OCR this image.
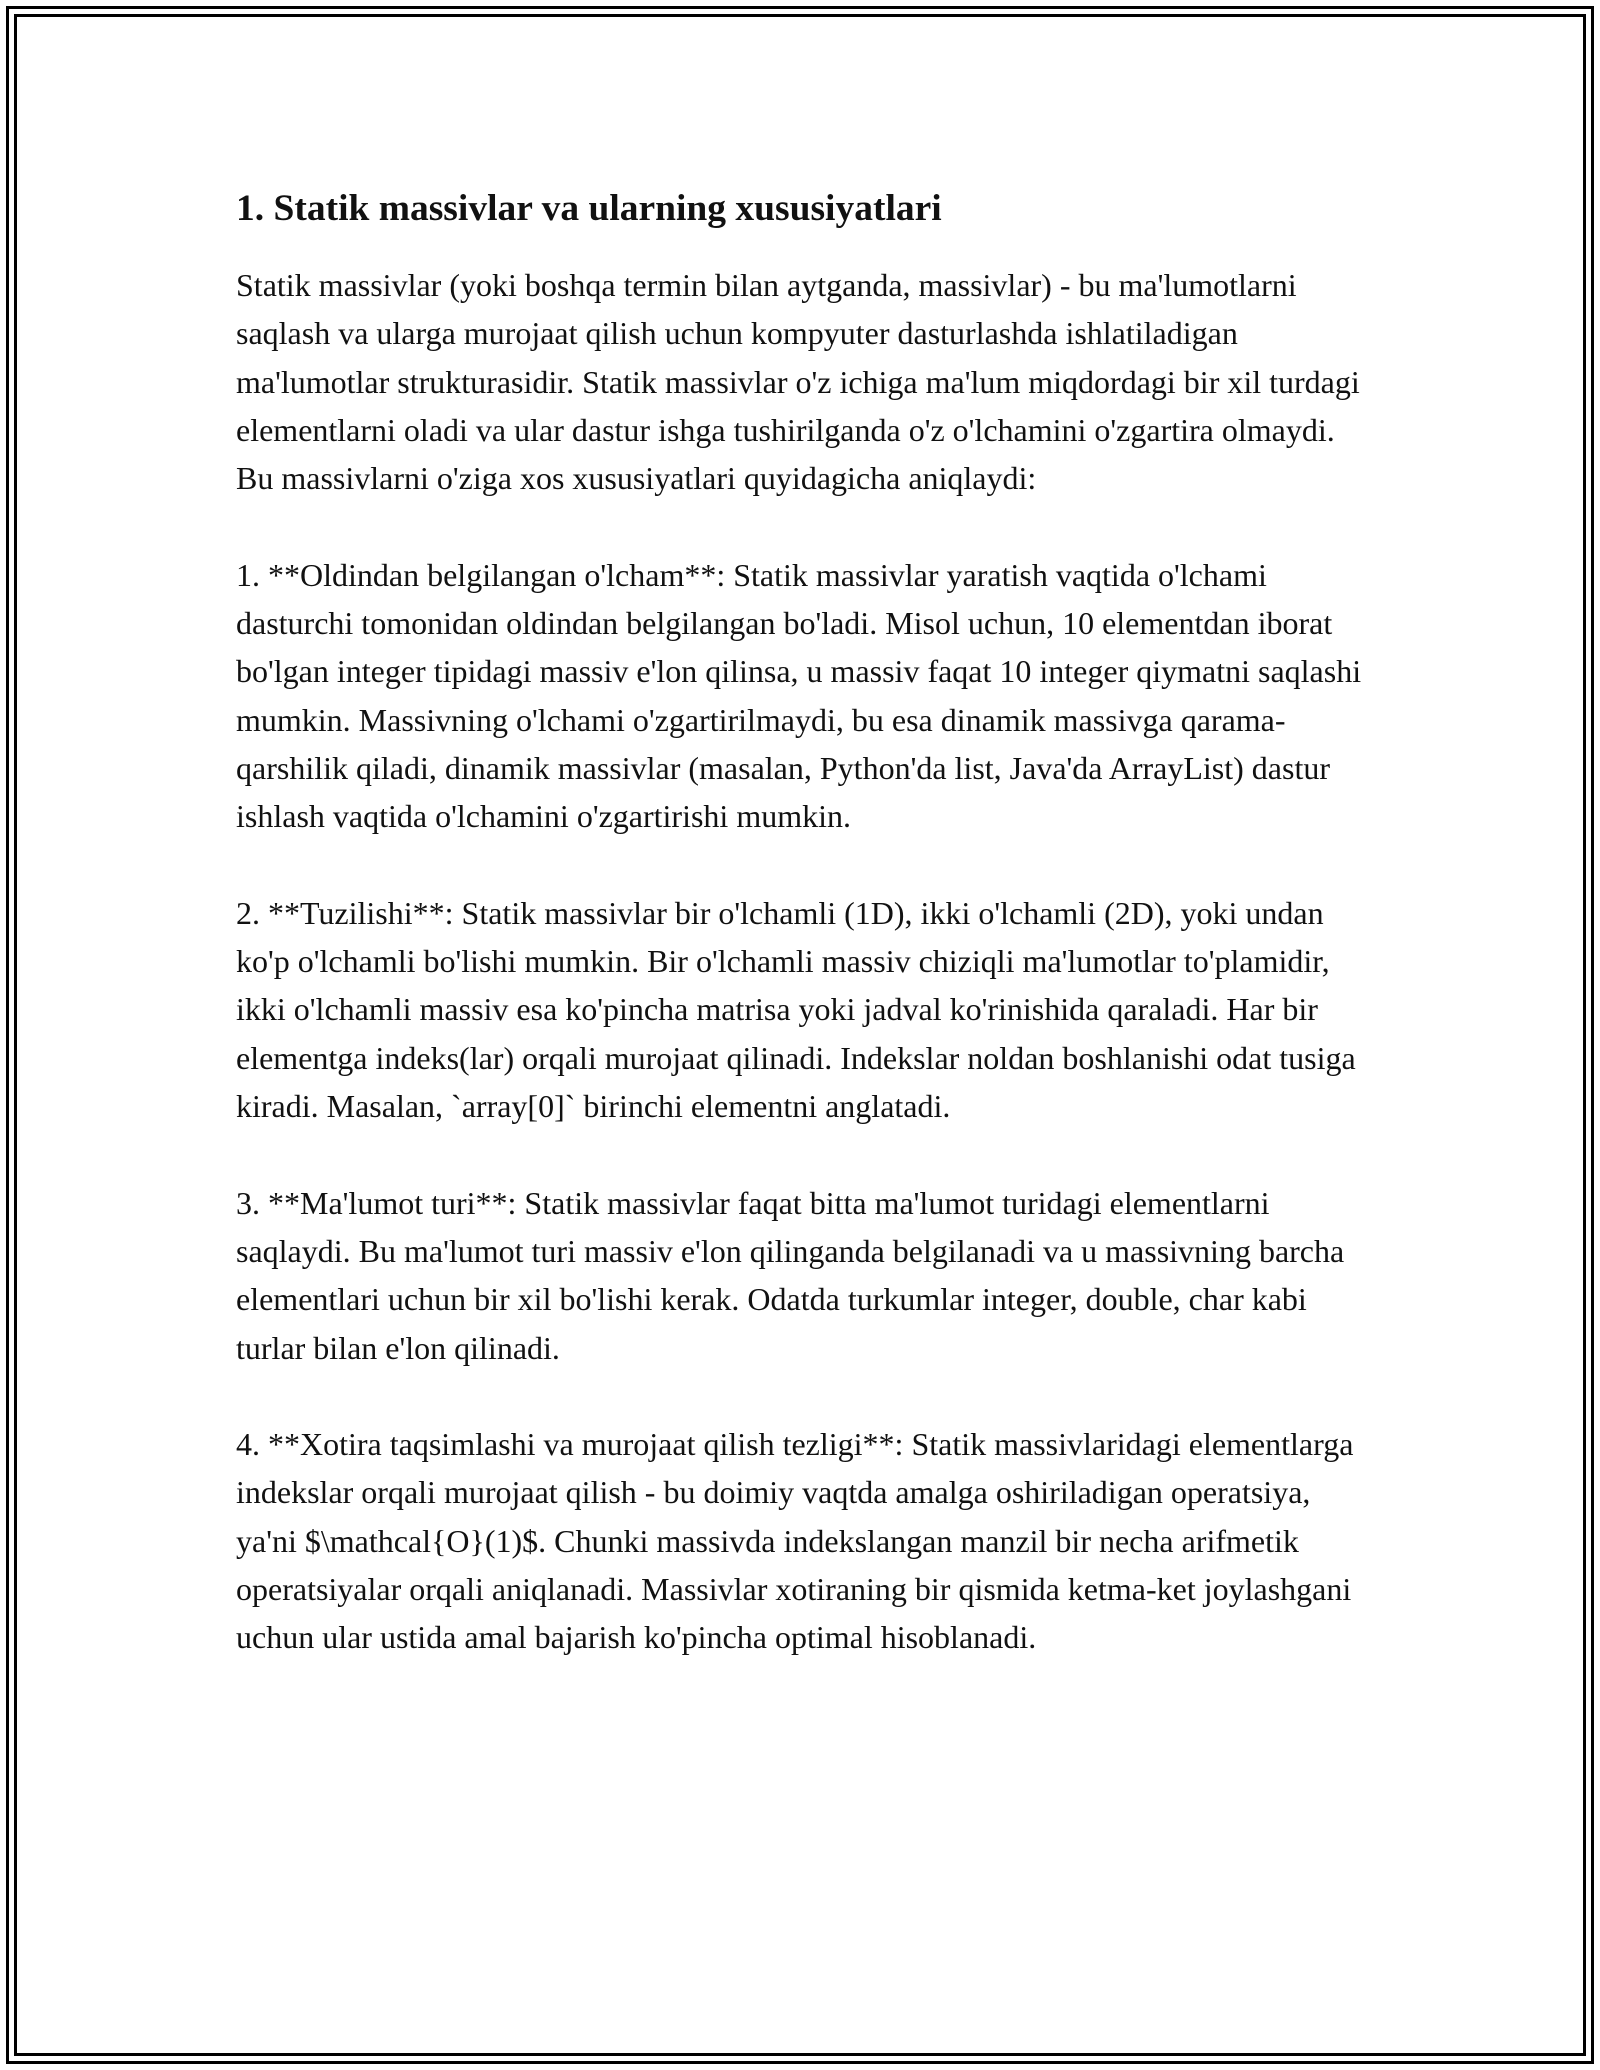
1. Statik massivlar va ularning xususiyatlari

Statik massivlar (yoki boshqa termin bilan aytganda, massivlar) - bu ma'lumotlarni saqlash va ularga murojaat qilish uchun kompyuter dasturlashda ishlatiladigan ma'lumotlar strukturasidir. Statik massivlar o'z ichiga ma'lum miqdordagi bir xil turdagi elementlarni oladi va ular dastur ishga tushirilganda o'z o'lchamini o'zgartira olmaydi. Bu massivlarni o'ziga xos xususiyatlari quyidagicha aniqlaydi:

1. **Oldindan belgilangan o'lcham**: Statik massivlar yaratish vaqtida o'lchami dasturchi tomonidan oldindan belgilangan bo'ladi. Misol uchun, 10 elementdan iborat bo'lgan integer tipidagi massiv e'lon qilinsa, u massiv faqat 10 integer qiymatni saqlashi mumkin. Massivning o'lchami o'zgartirilmaydi, bu esa dinamik massivga qarama-qarshilik qiladi, dinamik massivlar (masalan, Python'da list, Java'da ArrayList) dastur ishlash vaqtida o'lchamini o'zgartirishi mumkin.

2. **Tuzilishi**: Statik massivlar bir o'lchamli (1D), ikki o'lchamli (2D), yoki undan ko'p o'lchamli bo'lishi mumkin. Bir o'lchamli massiv chiziqli ma'lumotlar to'plamidir, ikki o'lchamli massiv esa ko'pincha matrisa yoki jadval ko'rinishida qaraladi. Har bir elementga indeks(lar) orqali murojaat qilinadi. Indekslar noldan boshlanishi odat tusiga kiradi. Masalan, `array[0]` birinchi elementni anglatadi.

3. **Ma'lumot turi**: Statik massivlar faqat bitta ma'lumot turidagi elementlarni saqlaydi. Bu ma'lumot turi massiv e'lon qilinganda belgilanadi va u massivning barcha elementlari uchun bir xil bo'lishi kerak. Odatda turkumlar integer, double, char kabi turlar bilan e'lon qilinadi.

4. **Xotira taqsimlashi va murojaat qilish tezligi**: Statik massivlaridagi elementlarga indekslar orqali murojaat qilish - bu doimiy vaqtda amalga oshiriladigan operatsiya, ya'ni $\mathcal{O}(1)$. Chunki massivda indekslangan manzil bir necha arifmetik operatsiyalar orqali aniqlanadi. Massivlar xotiraning bir qismida ketma-ket joylashgani uchun ular ustida amal bajarish ko'pincha optimal hisoblanadi.
